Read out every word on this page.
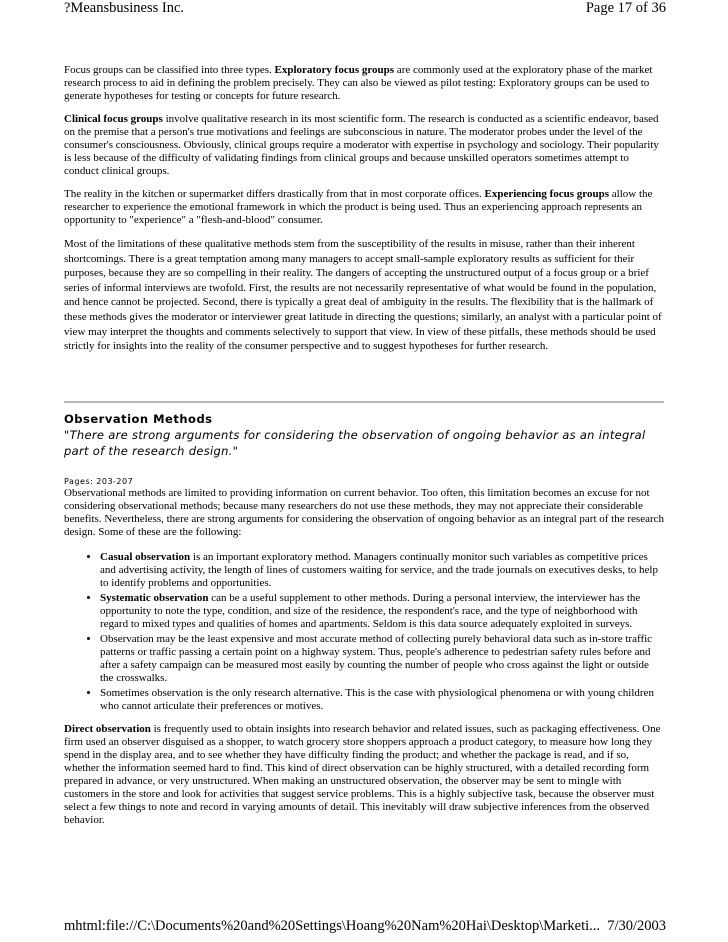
?Meansbusiness Inc.	Page 17 of 36

Focus groups can be classified into three types. Exploratory focus groups are commonly used at the exploratory phase of the market research process to aid in defining the problem precisely. They can also be viewed as pilot testing: Exploratory groups can be used to generate hypotheses for testing or concepts for future research.

Clinical focus groups involve qualitative research in its most scientific form. The research is conducted as a scientific endeavor, based on the premise that a person's true motivations and feelings are subconscious in nature. The moderator probes under the level of the consumer's consciousness. Obviously, clinical groups require a moderator with expertise in psychology and sociology. Their popularity is less because of the difficulty of validating findings from clinical groups and because unskilled operators sometimes attempt to conduct clinical groups.

The reality in the kitchen or supermarket differs drastically from that in most corporate offices. Experiencing focus groups allow the researcher to experience the emotional framework in which the product is being used. Thus an experiencing approach represents an opportunity to "experience" a "flesh-and-blood" consumer.

Most of the limitations of these qualitative methods stem from the susceptibility of the results in misuse, rather than their inherent shortcomings. There is a great temptation among many managers to accept small-sample exploratory results as sufficient for their purposes, because they are so compelling in their reality. The dangers of accepting the unstructured output of a focus group or a brief series of informal interviews are twofold. First, the results are not necessarily representative of what would be found in the population, and hence cannot be projected. Second, there is typically a great deal of ambiguity in the results. The flexibility that is the hallmark of these methods gives the moderator or interviewer great latitude in directing the questions; similarly, an analyst with a particular point of view may interpret the thoughts and comments selectively to support that view. In view of these pitfalls, these methods should be used strictly for insights into the reality of the consumer perspective and to suggest hypotheses for further research.

Observation Methods
"There are strong arguments for considering the observation of ongoing behavior as an integral part of the research design."
Pages: 203-207
Observational methods are limited to providing information on current behavior. Too often, this limitation becomes an excuse for not considering observational methods; because many researchers do not use these methods, they may not appreciate their considerable benefits. Nevertheless, there are strong arguments for considering the observation of ongoing behavior as an integral part of the research design. Some of these are the following:
• Casual observation is an important exploratory method. Managers continually monitor such variables as competitive prices and advertising activity, the length of lines of customers waiting for service, and the trade journals on executives desks, to help to identify problems and opportunities.
• Systematic observation can be a useful supplement to other methods. During a personal interview, the interviewer has the opportunity to note the type, condition, and size of the residence, the respondent's race, and the type of neighborhood with regard to mixed types and qualities of homes and apartments. Seldom is this data source adequately exploited in surveys.
• Observation may be the least expensive and most accurate method of collecting purely behavioral data such as in-store traffic patterns or traffic passing a certain point on a highway system. Thus, people's adherence to pedestrian safety rules before and after a safety campaign can be measured most easily by counting the number of people who cross against the light or outside the crosswalks.
• Sometimes observation is the only research alternative. This is the case with physiological phenomena or with young children who cannot articulate their preferences or motives.

Direct observation is frequently used to obtain insights into research behavior and related issues, such as packaging effectiveness. One firm used an observer disguised as a shopper, to watch grocery store shoppers approach a product category, to measure how long they spend in the display area, and to see whether they have difficulty finding the product; and whether the package is read, and if so, whether the information seemed hard to find. This kind of direct observation can be highly structured, with a detailed recording form prepared in advance, or very unstructured. When making an unstructured observation, the observer may be sent to mingle with customers in the store and look for activities that suggest service problems. This is a highly subjective task, because the observer must select a few things to note and record in varying amounts of detail. This inevitably will draw subjective inferences from the observed behavior.

mhtml:file://C:\Documents%20and%20Settings\Hoang%20Nam%20Hai\Desktop\Marketi... 7/30/2003
